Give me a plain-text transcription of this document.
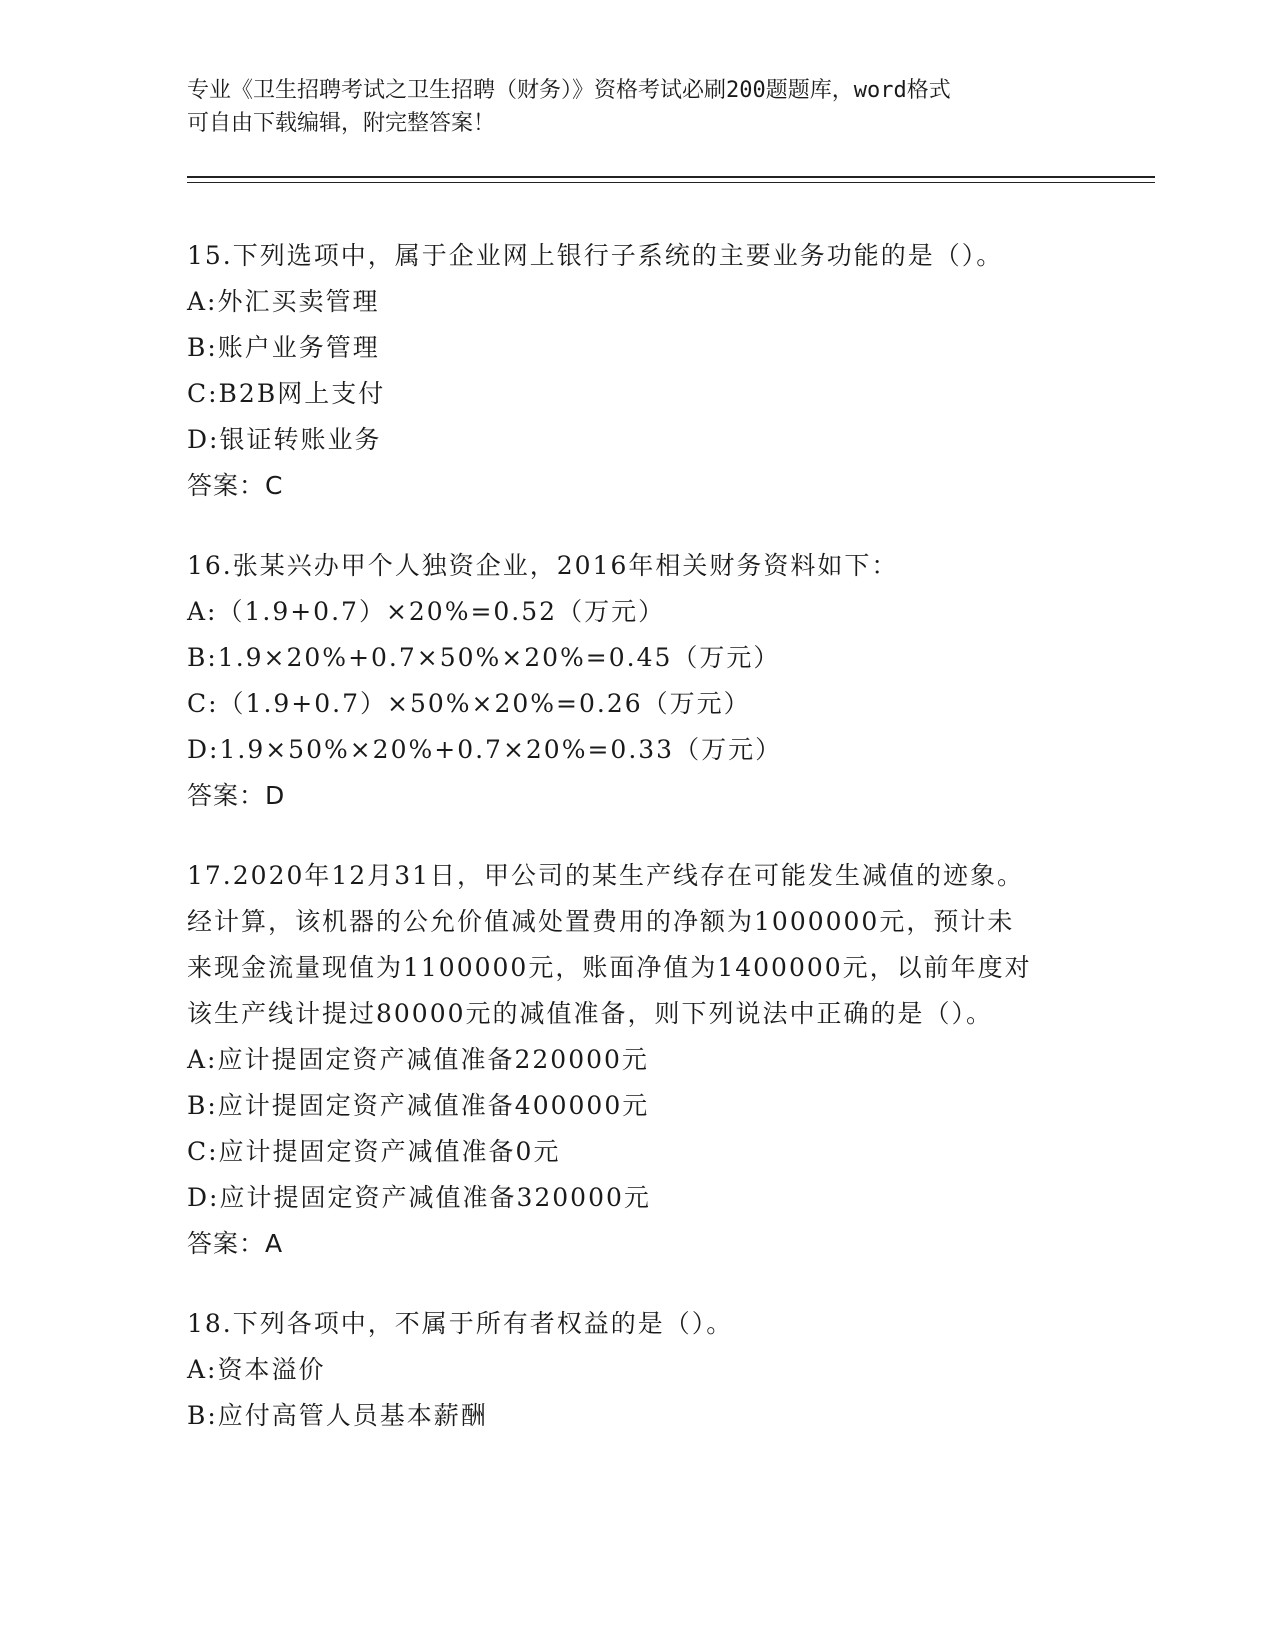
专业《卫生招聘考试之卫生招聘（财务）》资格考试必刷200题题库，word格式
可自由下载编辑，附完整答案！
15.下列选项中，属于企业网上银行子系统的主要业务功能的是（）。
A:外汇买卖管理
B:账户业务管理
C:B2B网上支付
D:银证转账业务
答案：C
16.张某兴办甲个人独资企业，2016年相关财务资料如下：
A:（1.9+0.7）×20%=0.52（万元）
B:1.9×20%+0.7×50%×20%=0.45（万元）
C:（1.9+0.7）×50%×20%=0.26（万元）
D:1.9×50%×20%+0.7×20%=0.33（万元）
答案：D
17.2020年12月31日，甲公司的某生产线存在可能发生减值的迹象。
经计算，该机器的公允价值减处置费用的净额为1000000元，预计未
来现金流量现值为1100000元，账面净值为1400000元，以前年度对
该生产线计提过80000元的减值准备，则下列说法中正确的是（）。
A:应计提固定资产减值准备220000元
B:应计提固定资产减值准备400000元
C:应计提固定资产减值准备0元
D:应计提固定资产减值准备320000元
答案：A
18.下列各项中，不属于所有者权益的是（）。
A:资本溢价
B:应付高管人员基本薪酬
